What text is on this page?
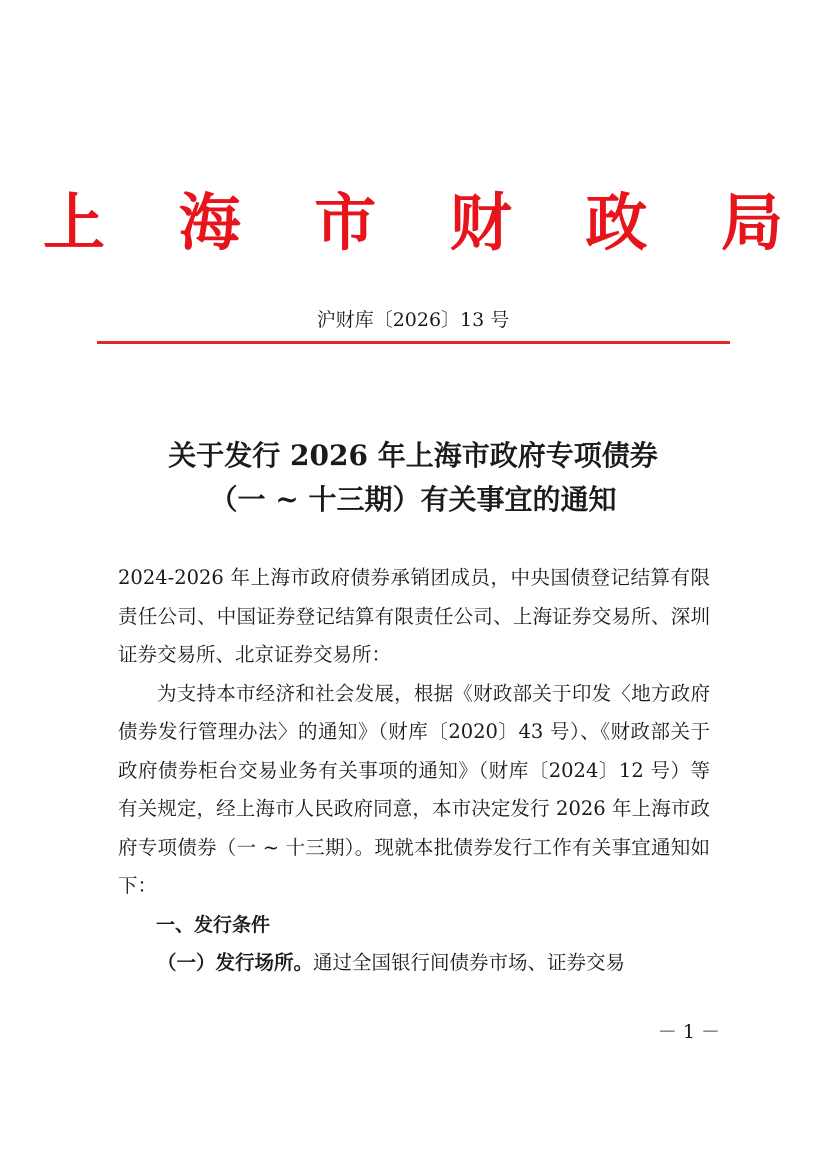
上 海 市 财 政 局
沪财库〔2026〕13 号
关于发行 2026 年上海市政府专项债券
（一 ~ 十三期）有关事宜的通知

2024-2026 年上海市政府债券承销团成员，中央国债登记结算有限责任公司、中国证券登记结算有限责任公司、上海证券交易所、深圳证券交易所、北京证券交易所：

为支持本市经济和社会发展，根据《财政部关于印发〈地方政府债券发行管理办法〉的通知》（财库〔2020〕43 号）、《财政部关于政府债券柜台交易业务有关事项的通知》（财库〔2024〕12 号）等有关规定，经上海市人民政府同意，本市决定发行 2026 年上海市政府专项债券（一 ~ 十三期）。现就本批债券发行工作有关事宜通知如下：

一、发行条件

（一）发行场所。通过全国银行间债券市场、证券交易

－ 1 －
